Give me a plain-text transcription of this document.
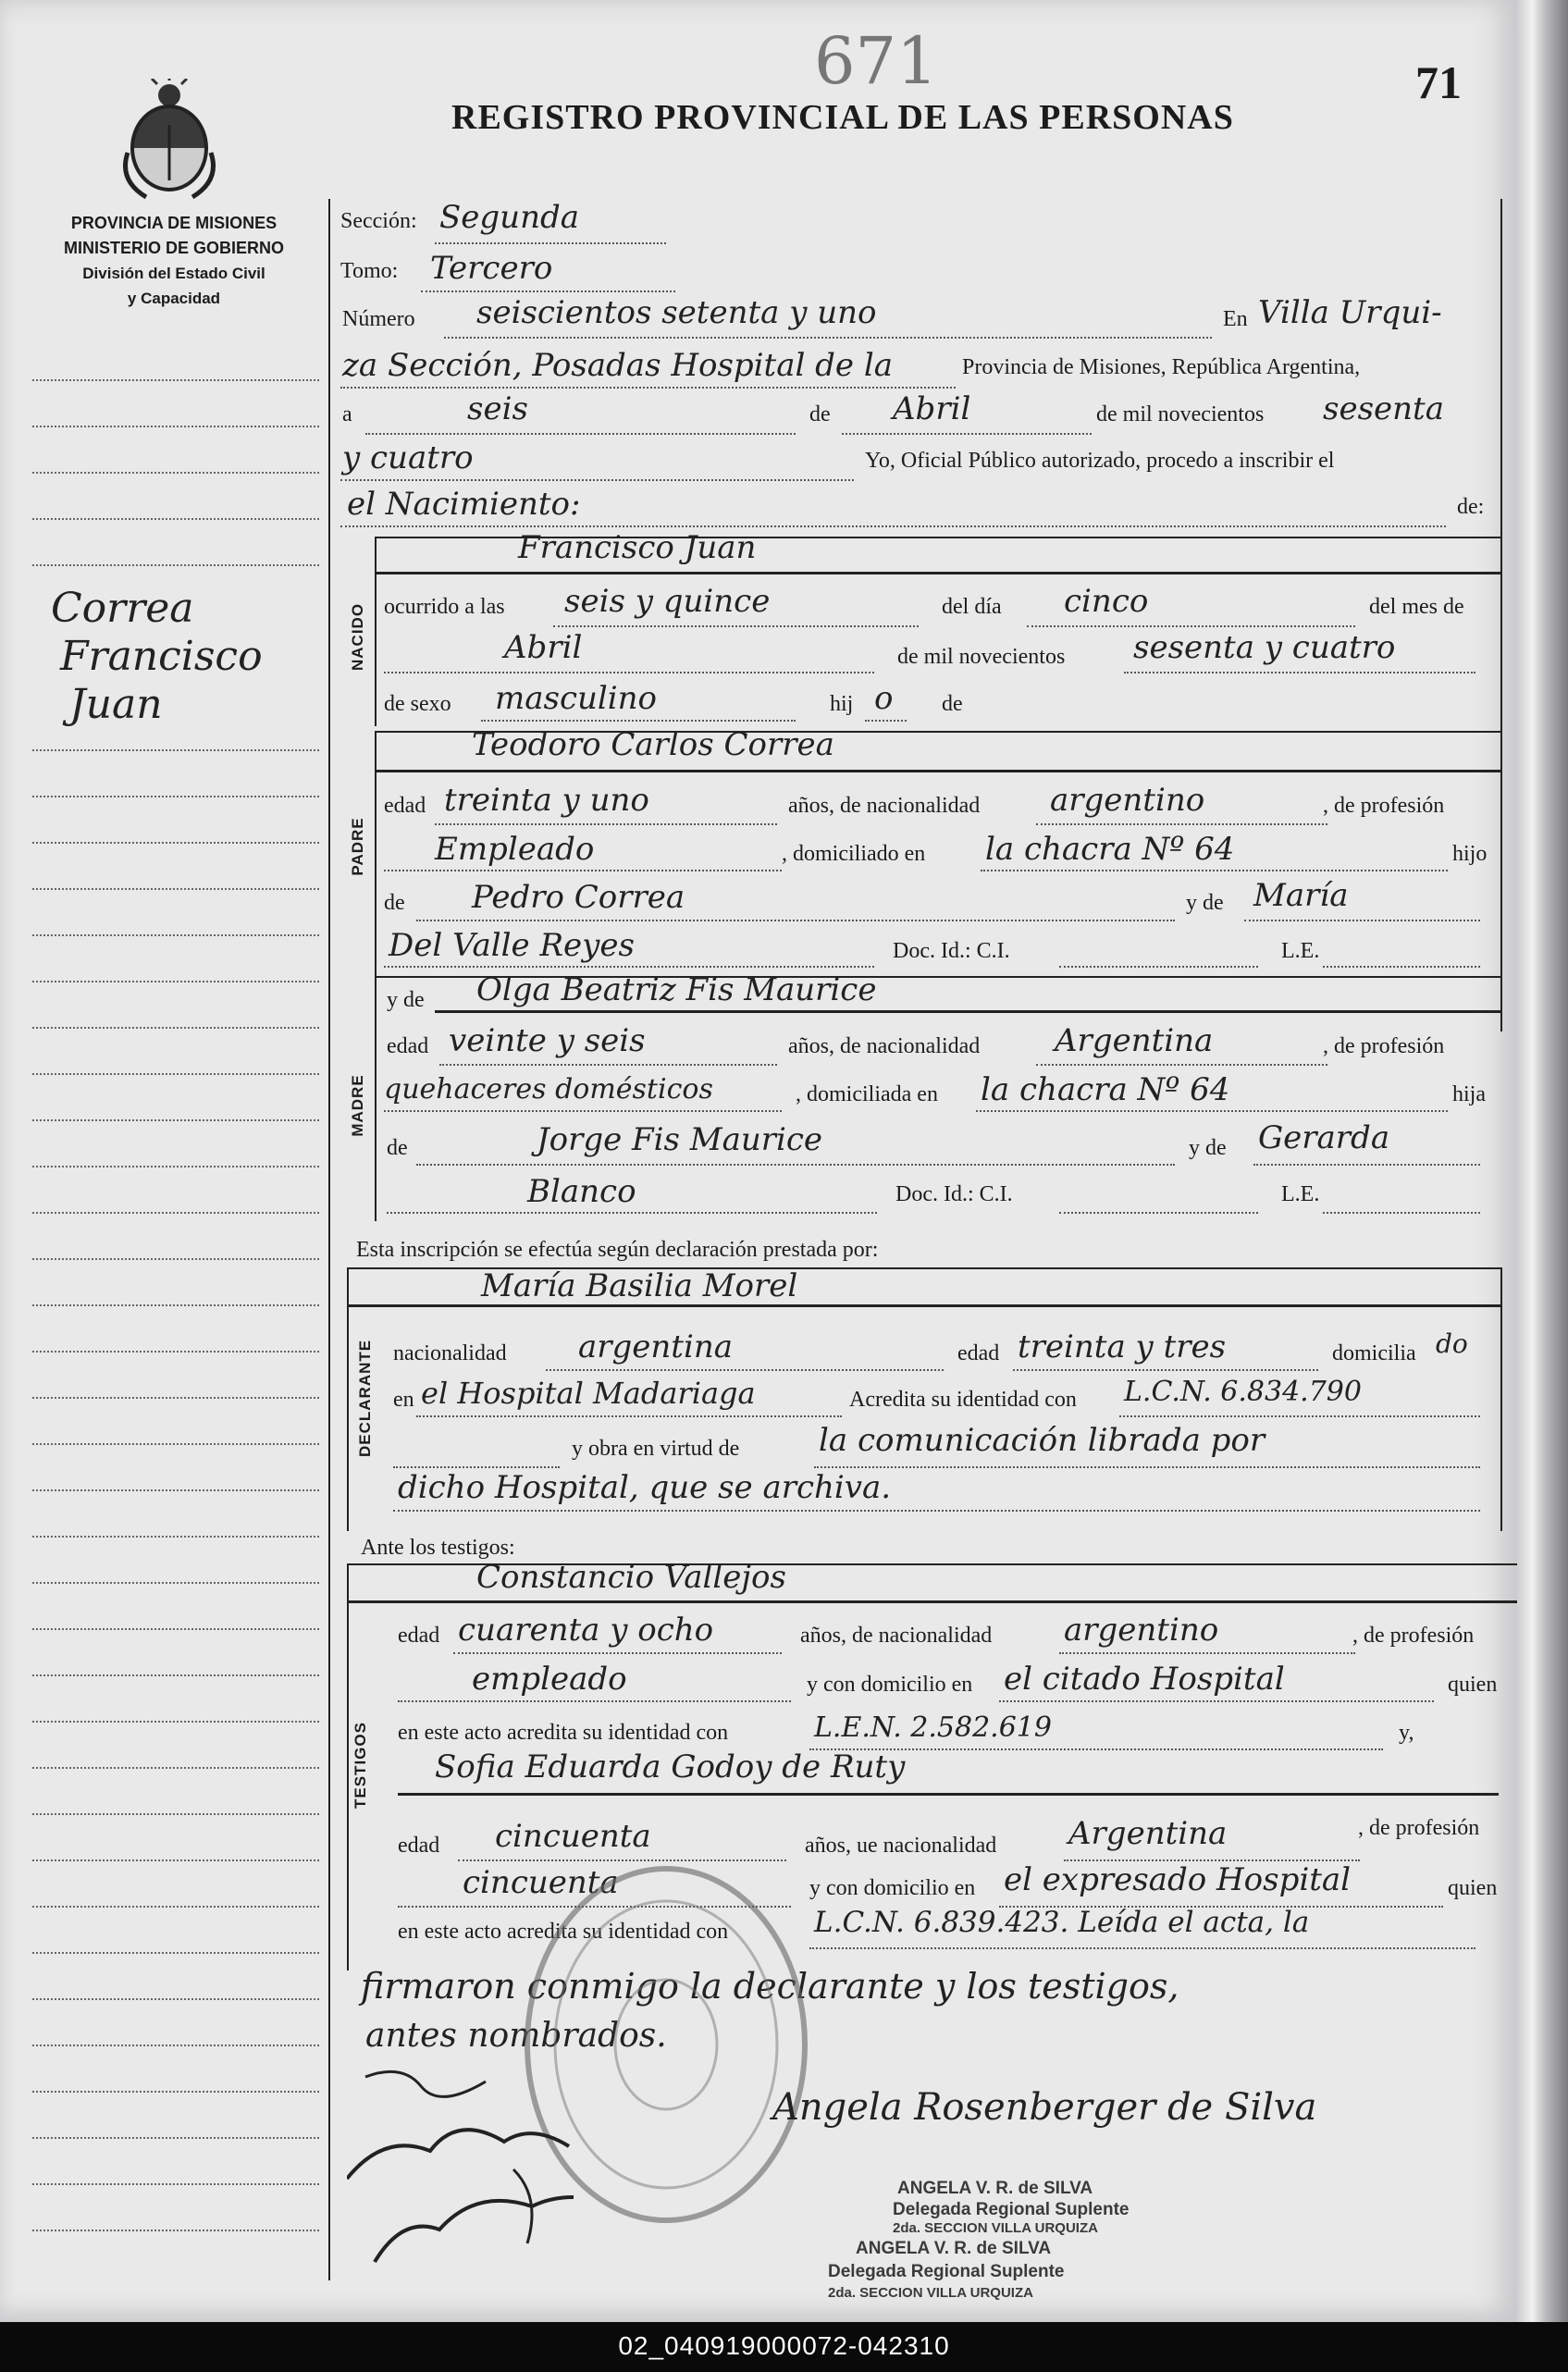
PROVINCIA DE MISIONES
MINISTERIO DE GOBIERNO
División del Estado Civil
y Capacidad
REGISTRO PROVINCIAL DE LAS PERSONAS
71
671
Correa
Francisco
Juan
Sección: Segunda
Tomo: Tercero
Número seiscientos setenta y uno	En Villa Urqui-
za Sección, Posadas Hospital de la	Provincia de Misiones, República Argentina,
a	seis	de Abril	de mil novecientos sesenta
y cuatro	Yo, Oficial Público autorizado, procedo a inscribir el
el Nacimiento:	de:
Francisco Juan
NACIDO ocurrido a las seis y quince	del día cinco	del mes de
Abril	de mil novecientos sesenta y cuatro
de sexo masculino	hij o de
Teodoro Carlos Correa
PADRE
edad treinta y uno	años, de nacionalidad argentino	, de profesión
Empleado	, domiciliado en la chacra Nº 64	hijo
de Pedro Correa	y de María
Del Valle Reyes	Doc. Id.: C.I.	L.E.
y de Olga Beatriz Fis Maurice
MADRE
edad veinte y seis	años, de nacionalidad Argentina	, de profesión
quehaceres domésticos	, domiciliada en la chacra Nº 64	hija
de	Jorge Fis Maurice	y de Gerarda
Blanco	Doc. Id.: C.I.	L.E.
Esta inscripción se efectúa según declaración prestada por:
María Basilia Morel
DECLARANTE nacionalidad argentina	edad treinta y tres	domicilia do
en el Hospital Madariaga	Acredita su identidad con L.C.N. 6.834.790
y obra en virtud de	la comunicación librada por
dicho Hospital, que se archiva.
Ante los testigos:
Constancio Vallejos
TESTIGOS
edad cuarenta y ocho	años, de nacionalidad argentino	, de profesión
empleado	y con domicilio en el citado Hospital	quien
en este acto acredita su identidad con	L.E.N. 2.582.619	y,
Sofia Eduarda Godoy de Ruty
edad cincuenta	años, ue nacionalidad Argentina	, de profesión
cincuenta	y con domicilio en el expresado Hospital	quien
en este acto acredita su identidad con	L.C.N. 6.839.423. Leída el acta, la
firmaron conmigo la declarante y los testigos,
antes nombrados.
Angela Rosenberger de Silva
ANGELA V. R. de SILVA
Delegada Regional Suplente
2da. SECCION VILLA URQUIZA
ANGELA V. R. de SILVA
Delegada Regional Suplente
2da. SECCION VILLA URQUIZA
02_040919000072-042310
